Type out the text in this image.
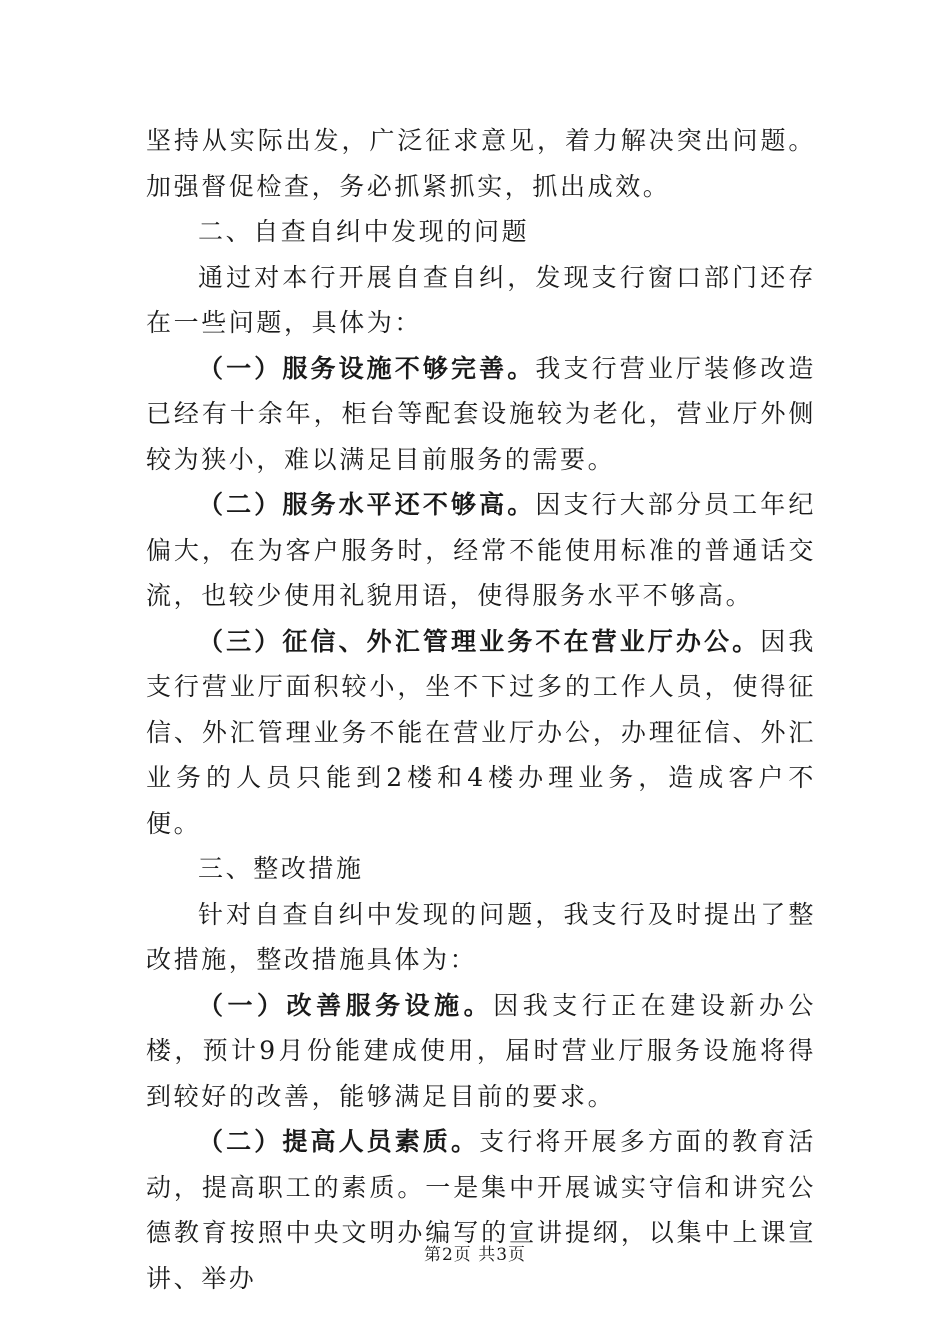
坚持从实际出发，广泛征求意见，着力解决突出问题。加强督促检查，务必抓紧抓实，抓出成效。

二、自查自纠中发现的问题

通过对本行开展自查自纠，发现支行窗口部门还存在一些问题，具体为：

（一）服务设施不够完善。我支行营业厅装修改造已经有十余年，柜台等配套设施较为老化，营业厅外侧较为狭小，难以满足目前服务的需要。

（二）服务水平还不够高。因支行大部分员工年纪偏大，在为客户服务时，经常不能使用标准的普通话交流，也较少使用礼貌用语，使得服务水平不够高。

（三）征信、外汇管理业务不在营业厅办公。因我支行营业厅面积较小，坐不下过多的工作人员，使得征信、外汇管理业务不能在营业厅办公，办理征信、外汇业务的人员只能到2楼和4楼办理业务，造成客户不便。

三、整改措施

针对自查自纠中发现的问题，我支行及时提出了整改措施，整改措施具体为：

（一）改善服务设施。因我支行正在建设新办公楼，预计9月份能建成使用，届时营业厅服务设施将得到较好的改善，能够满足目前的要求。

（二）提高人员素质。支行将开展多方面的教育活动，提高职工的素质。一是集中开展诚实守信和讲究公德教育按照中央文明办编写的宣讲提纲，以集中上课宣讲、举办

第2页 共3页
